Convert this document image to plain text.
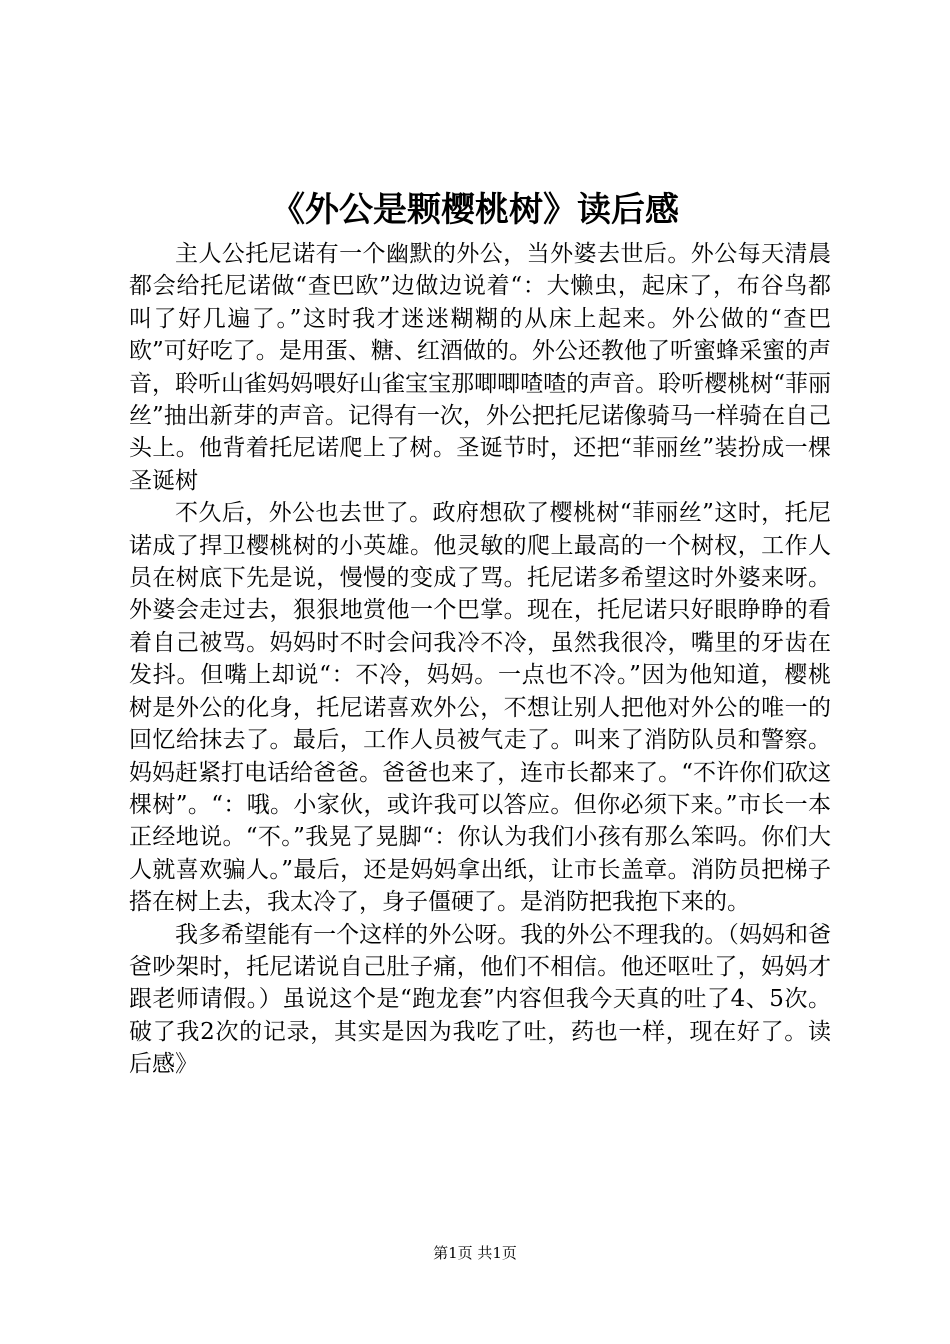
《外公是颗樱桃树》读后感

主人公托尼诺有一个幽默的外公，当外婆去世后。外公每天清晨都会给托尼诺做“查巴欧”边做边说着“：大懒虫，起床了，布谷鸟都叫了好几遍了。”这时我才迷迷糊糊的从床上起来。外公做的“查巴欧”可好吃了。是用蛋、糖、红酒做的。外公还教他了听蜜蜂采蜜的声音，聆听山雀妈妈喂好山雀宝宝那唧唧喳喳的声音。聆听樱桃树“菲丽丝”抽出新芽的声音。记得有一次，外公把托尼诺像骑马一样骑在自己头上。他背着托尼诺爬上了树。圣诞节时，还把“菲丽丝”装扮成一棵圣诞树

不久后，外公也去世了。政府想砍了樱桃树“菲丽丝”这时，托尼诺成了捍卫樱桃树的小英雄。他灵敏的爬上最高的一个树杈，工作人员在树底下先是说，慢慢的变成了骂。托尼诺多希望这时外婆来呀。外婆会走过去，狠狠地赏他一个巴掌。现在，托尼诺只好眼睁睁的看着自己被骂。妈妈时不时会问我冷不冷，虽然我很冷，嘴里的牙齿在发抖。但嘴上却说“：不冷，妈妈。一点也不冷。”因为他知道，樱桃树是外公的化身，托尼诺喜欢外公，不想让别人把他对外公的唯一的回忆给抹去了。最后，工作人员被气走了。叫来了消防队员和警察。妈妈赶紧打电话给爸爸。爸爸也来了，连市长都来了。“不许你们砍这棵树”。“：哦。小家伙，或许我可以答应。但你必须下来。”市长一本正经地说。“不。”我晃了晃脚“：你认为我们小孩有那么笨吗。你们大人就喜欢骗人。”最后，还是妈妈拿出纸，让市长盖章。消防员把梯子搭在树上去，我太冷了，身子僵硬了。是消防把我抱下来的。

我多希望能有一个这样的外公呀。我的外公不理我的。（妈妈和爸爸吵架时，托尼诺说自己肚子痛，他们不相信。他还呕吐了，妈妈才跟老师请假。）虽说这个是“跑龙套”内容但我今天真的吐了4、5次。破了我2次的记录，其实是因为我吃了吐，药也一样，现在好了。读后感》

第1页 共1页
